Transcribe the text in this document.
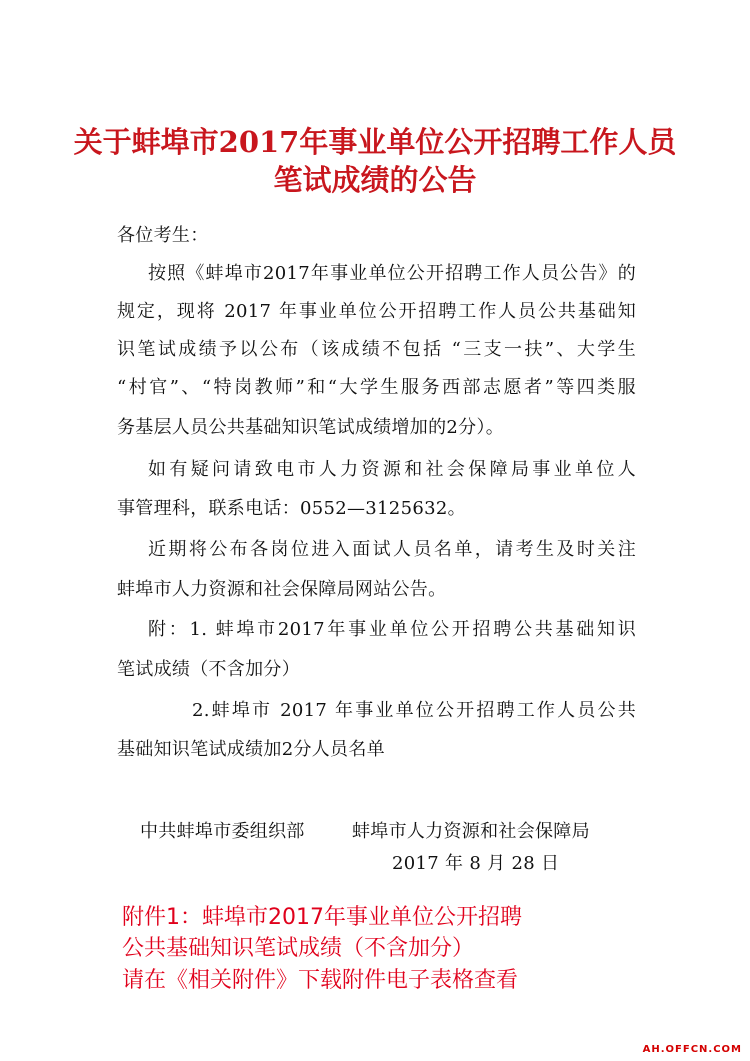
关于蚌埠市2017年事业单位公开招聘工作人员
笔试成绩的公告
各位考生：
按照《蚌埠市2017年事业单位公开招聘工作人员公告》的
规定，现将 2017 年事业单位公开招聘工作人员公共基础知
识笔试成绩予以公布（该成绩不包括 “三支一扶”、大学生
“村官”、“特岗教师”和“大学生服务西部志愿者”等四类服
务基层人员公共基础知识笔试成绩增加的2分）。
如有疑问请致电市人力资源和社会保障局事业单位人
事管理科，联系电话：0552—3125632。
近期将公布各岗位进入面试人员名单，请考生及时关注
蚌埠市人力资源和社会保障局网站公告。
附：1. 蚌埠市2017年事业单位公开招聘公共基础知识
笔试成绩（不含加分）
2.蚌埠市 2017 年事业单位公开招聘工作人员公共
基础知识笔试成绩加2分人员名单
中共蚌埠市委组织部	蚌埠市人力资源和社会保障局
2017 年 8 月 28 日
附件1：蚌埠市2017年事业单位公开招聘
公共基础知识笔试成绩（不含加分）
请在《相关附件》下载附件电子表格查看
AH.OFFCN.COM
